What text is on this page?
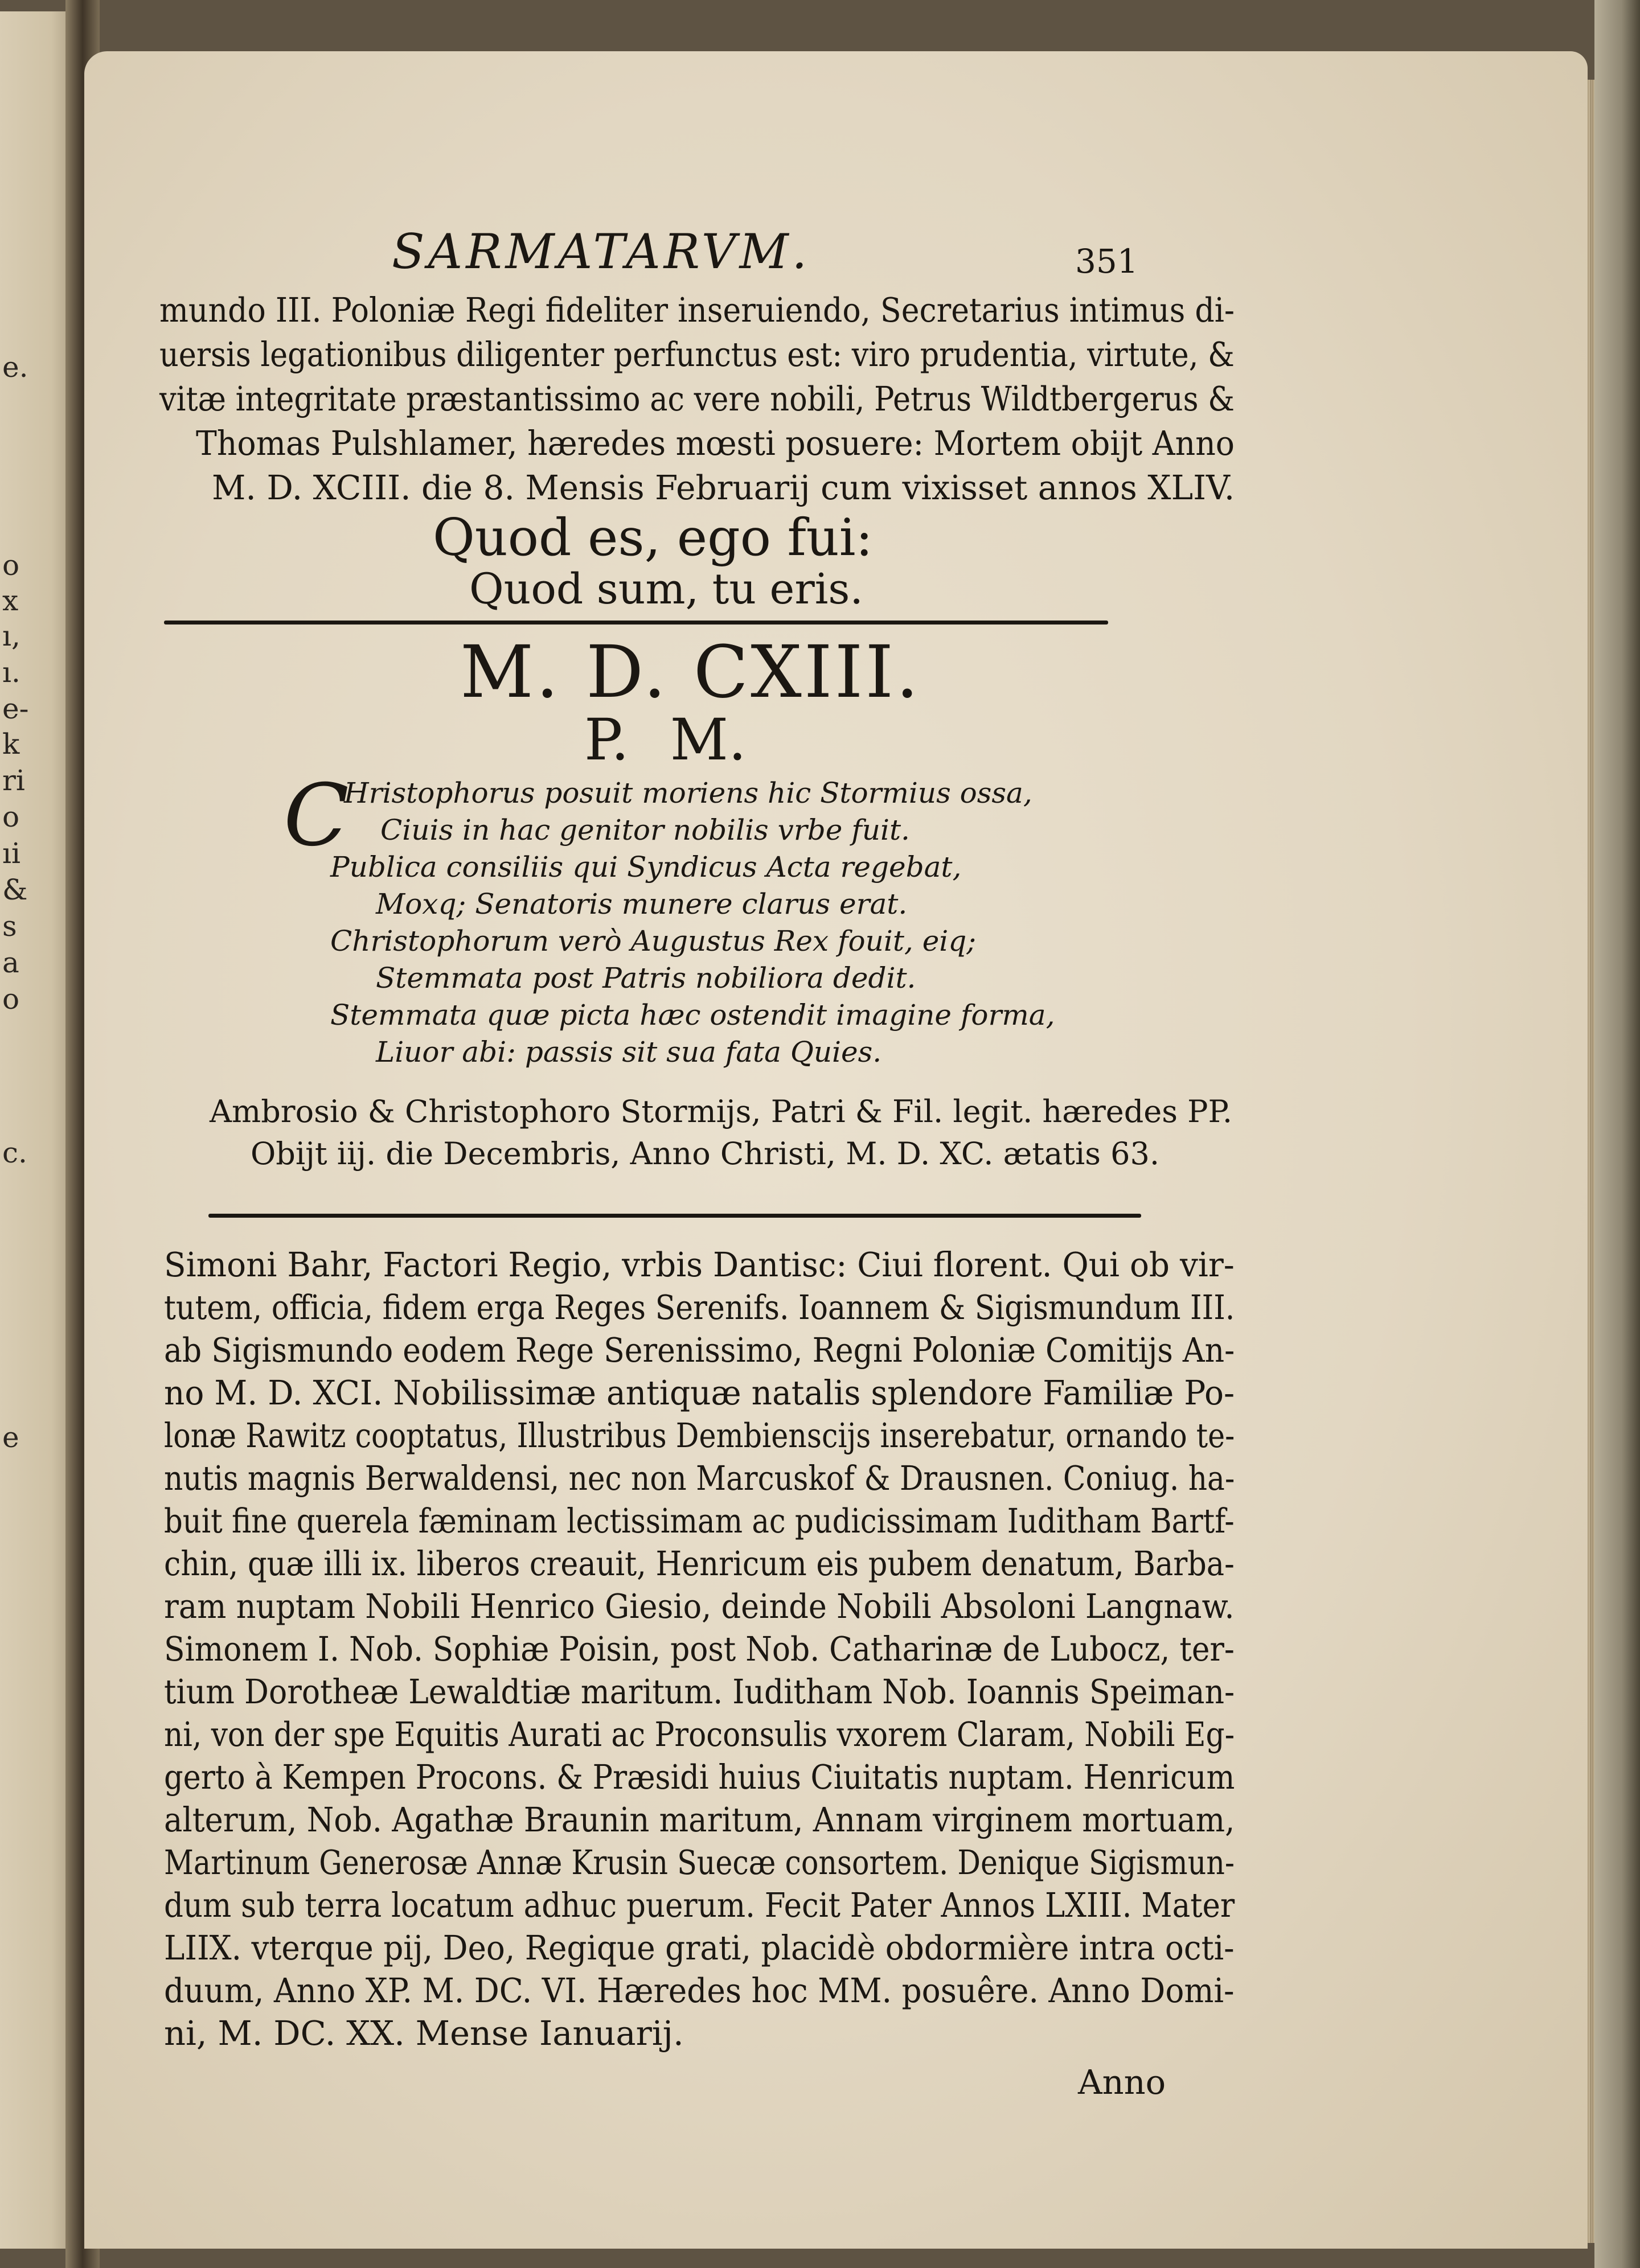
e.
o
x
ı,
ı.
e-
k
ri
o
ıi
&
s
a
o
c.
e
SARMATARVM.	351
mundo III. Poloniæ Regi fideliter inseruiendo, Secretarius intimus di-
uersis legationibus diligenter perfunctus est: viro prudentia, virtute, &
vitæ integritate præstantissimo ac vere nobili, Petrus Wildtbergerus &
Thomas Pulshlamer, hæredes mœsti posuere: Mortem obijt Anno
M. D. XCIII. die 8. Mensis Februarij cum vixisset annos XLIV.
Quod es, ego fui:
Quod sum, tu eris.
M. D. CXIII.
P. M.
C
Hristophorus posuit moriens hic Stormius ossa,
Ciuis in hac genitor nobilis vrbe fuit.
Publica consiliis qui Syndicus Acta regebat,
Moxq; Senatoris munere clarus erat.
Christophorum verò Augustus Rex fouit, eiq;
Stemmata post Patris nobiliora dedit.
Stemmata quæ picta hæc ostendit imagine forma,
Liuor abi: passis sit sua fata Quies.
Ambrosio & Christophoro Stormijs, Patri & Fil. legit. hæredes PP.
Obijt iij. die Decembris, Anno Christi, M. D. XC. ætatis 63.
Simoni Bahr, Factori Regio, vrbis Dantisc: Ciui florent. Qui ob vir-
tutem, officia, fidem erga Reges Serenifs. Ioannem & Sigismundum III.
ab Sigismundo eodem Rege Serenissimo, Regni Poloniæ Comitijs An-
no M. D. XCI. Nobilissimæ antiquæ natalis splendore Familiæ Po-
lonæ Rawitz cooptatus, Illustribus Dembienscijs inserebatur, ornando te-
nutis magnis Berwaldensi, nec non Marcuskof & Drausnen. Coniug. ha-
buit fine querela fæminam lectissimam ac pudicissimam Iuditham Bartf-
chin, quæ illi ix. liberos creauit, Henricum eis pubem denatum, Barba-
ram nuptam Nobili Henrico Giesio, deinde Nobili Absoloni Langnaw.
Simonem I. Nob. Sophiæ Poisin, post Nob. Catharinæ de Lubocz, ter-
tium Dorotheæ Lewaldtiæ maritum. Iuditham Nob. Ioannis Speiman-
ni, von der spe Equitis Aurati ac Proconsulis vxorem Claram, Nobili Eg-
gerto à Kempen Procons. & Præsidi huius Ciuitatis nuptam. Henricum
alterum, Nob. Agathæ Braunin maritum, Annam virginem mortuam,
Martinum Generosæ Annæ Krusin Suecæ consortem. Denique Sigismun-
dum sub terra locatum adhuc puerum. Fecit Pater Annos LXIII. Mater
LIIX. vterque pij, Deo, Regique grati, placidè obdormière intra octi-
duum, Anno XP. M. DC. VI. Hæredes hoc MM. posuêre. Anno Domi-
ni, M. DC. XX. Mense Ianuarij.
Anno
